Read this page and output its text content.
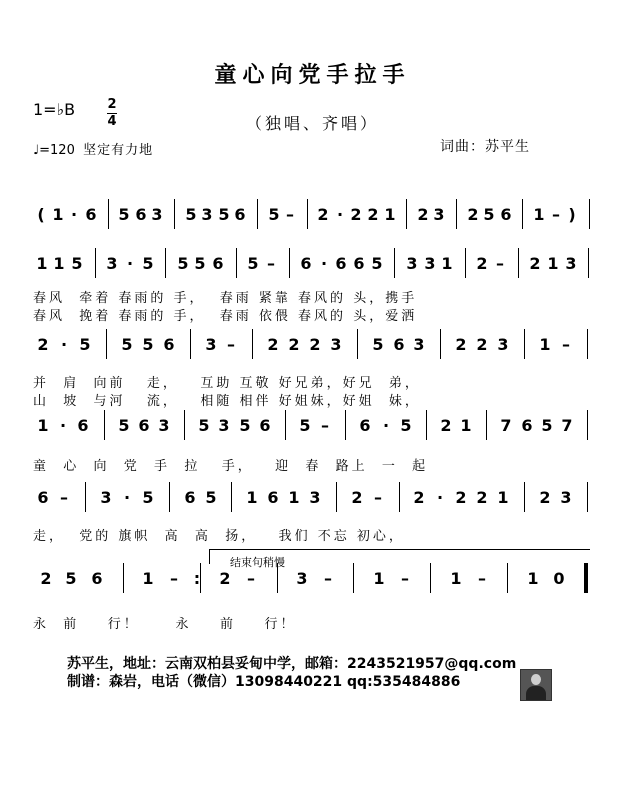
童心向党手拉手
1=♭B 2
4	（独唱、齐唱）
♩=120 坚定有力地	词曲：苏平生
( 1 · 6 5 6 3 5 3 5 6 5 – 2 · 2 2 1 2 3 2 5 6 1 – )
1 1 5 3 · 5 5 5 6 5 – 6 · 6 6 5 3 3 1 2 – 2 1 3
春风  牵着 春雨的 手，  春雨 紧靠 春风的 头，携手
春风  挽着 春雨的 手，  春雨 依偎 春风的 头，爱洒
2 · 5 5 5 6 3 – 2 2 2 3 5 6 3 2 2 3 1 –
并  肩  向前   走，   互助 互敬 好兄弟，好兄  弟，
山  坡  与河   流，   相随 相伴 好姐妹，好姐  妹，
1 · 6 5 6 3 5 3 5 6 5 – 6 · 5 2 1 7 6 5 7
童  心  向  党  手  拉   手，   迎  春  路上  一  起
6 – 3 · 5 6 5 1 6 1 3 2 – 2 · 2 2 1 2 3
走，  党的 旗帜  高  高  扬，   我们 不忘 初心，
2 5 6 1 – : 2 –	3 –	1 –	1 –	1 0
永  前    行！     永    前    行！
结束句稍慢
苏平生，地址：云南双柏县妥甸中学，邮箱：2243521957@qq.com
制谱：森岩，电话（微信）13098440221 qq:535484886
